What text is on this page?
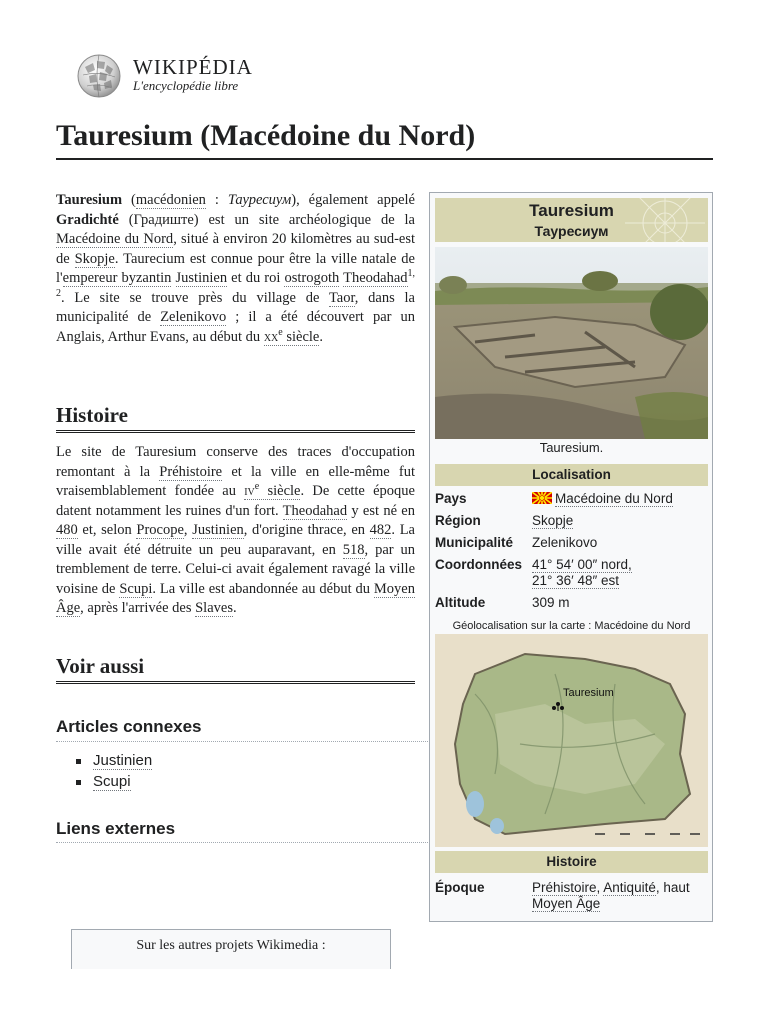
WIKIPÉDIA
L'encyclopédie libre
Tauresium (Macédoine du Nord)
Tauresium (macédonien : Тауресиум), également appelé Gradichté (Градиште) est un site archéologique de la Macédoine du Nord, situé à environ 20 kilomètres au sud-est de Skopje. Taurecium est connue pour être la ville natale de l'empereur byzantin Justinien et du roi ostrogoth Theodahad$^{1, 2}$. Le site se trouve près du village de Taor, dans la municipalité de Zelenikovo ; il a été découvert par un Anglais, Arthur Evans, au début du $xx^e$ siècle.
Histoire
Le site de Tauresium conserve des traces d'occupation remontant à la Préhistoire et la ville en elle-même fut vraisemblablement fondée au $iv^e$ siècle. De cette époque datent notamment les ruines d'un fort. Theodahad y est né en 480 et, selon Procope, Justinien, d'origine thrace, en 482. La ville avait été détruite un peu auparavant, en 518, par un tremblement de terre. Celui-ci avait également ravagé la ville voisine de Scupi. La ville est abandonnée au début du Moyen Âge, après l'arrivée des Slaves.
Voir aussi
Articles connexes
Justinien
Scupi
Liens externes
Sur les autres projets Wikimedia :
Tauresium
Тауресиум
Tauresium.
Localisation
Pays	Macédoine du Nord
Région	Skopje
Municipalité	Zelenikovo
Coordonnées 41° 54′ 00″ nord,
21° 36′ 48″ est
Altitude	309 m
Géolocalisation sur la carte : Macédoine du Nord
Tauresium
Histoire
Époque	Préhistoire, Antiquité, haut Moyen Âge
